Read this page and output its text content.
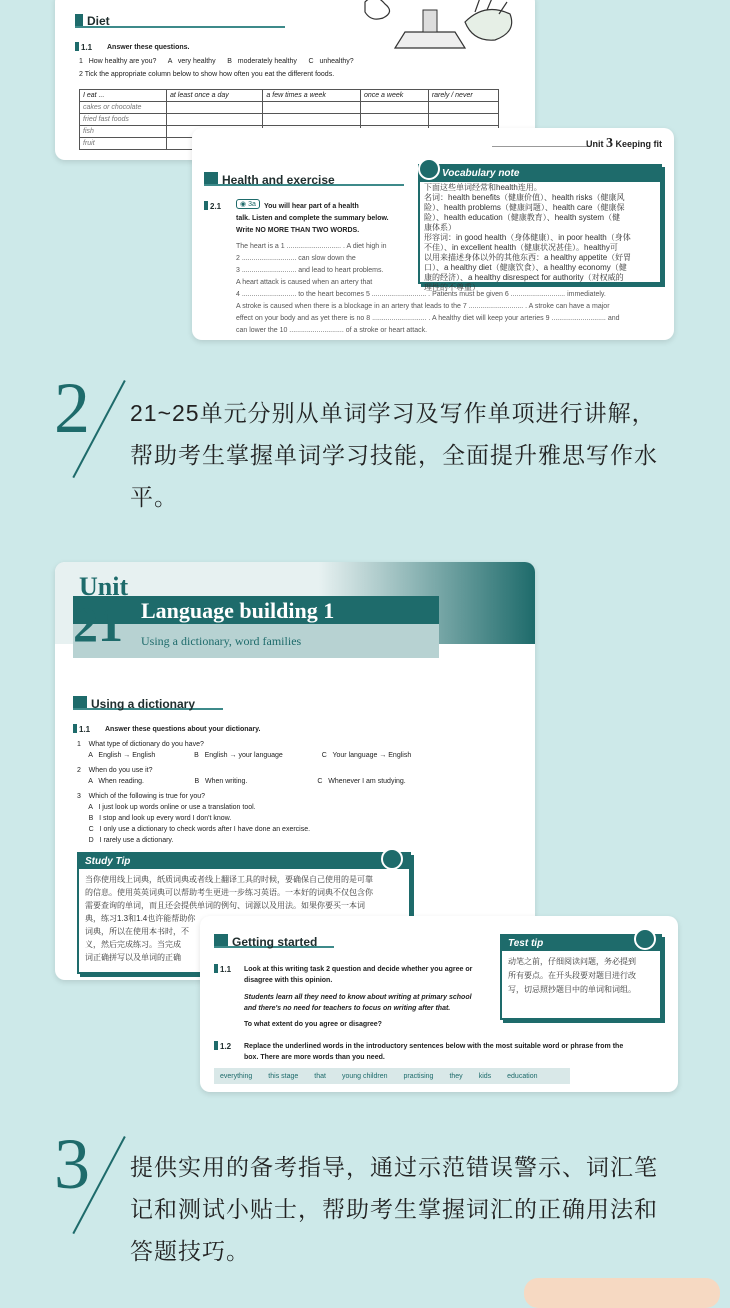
Diet
1.1 Answer these questions.
1   How healthy are you?      A   very healthy      B   moderately healthy      C   unhealthy?
2 Tick the appropriate column below to show how often you eat the different foods.
I eat ...	at least once a day	a few times a week	once a week	rarely / never
cakes or chocolate				
fried fast foods				
fish				
fruit					Unit 3 Keeping fit
Health and exercise
2.1	◉ 3a	You will hear part of a health
talk. Listen and complete the summary below.
Write NO MORE THAN TWO WORDS.
The heart is a 1 ............................ . A diet high in
2 ............................ can slow down the
3 ............................ and lead to heart problems.
A heart attack is caused when an artery that
4 ............................ to the heart becomes 5 ............................ . Patients must be given 6 ............................ immediately.
A stroke is caused when there is a blockage in an artery that leads to the 7 ............................ . A stroke can have a major
effect on your body and as yet there is no 8 ............................ . A healthy diet will keep your arteries 9 ............................ and
can lower the 10 ............................ of a stroke or heart attack.
Vocabulary note
下面这些单词经常和health连用。
名词：health benefits（健康价值）、health risks（健康风
险）、health problems（健康问题）、health care（健康保
险）、health education（健康教育）、health system（健
康体系）
形容词：in good health（身体健康）、in poor health（身体
不佳）、in excellent health（健康状况甚佳）。healthy可
以用来描述身体以外的其他东西：a healthy appetite（好胃
口）、a healthy diet（健康饮食）、a healthy economy（健
康的经济）、a healthy disrespect for authority（对权威的
理性的不尊重）
2 21~25单元分别从单词学习及写作单项进行讲解，帮助考生掌握单词学习技能，全面提升雅思写作水平。
Unit
21 Language building 1
Using a dictionary, word families
Using a dictionary
1.1 Answer these questions about your dictionary.
1    What type of dictionary do you have?
A   English → English                    B   English → your language                    C   Your language → English
2    When do you use it?
A   When reading.                          B   When writing.                                    C   Whenever I am studying.
3    Which of the following is true for you?
A   I just look up words online or use a translation tool.
B   I stop and look up every word I don't know.
C   I only use a dictionary to check words after I have done an exercise.
D   I rarely use a dictionary.
Study Tip
当你使用线上词典，纸质词典或者线上翻译工具的时候，要确保自己使用的是可靠
的信息。使用英英词典可以帮助考生更进一步练习英语。一本好的词典不仅包含你
需要查询的单词，而且还会提供单词的例句、词源以及用法。如果你要买一本词
典，练习1.3和1.4也许能帮助你
词典，所以在使用本书时，不
义，然后完成练习。当完成
词正确拼写以及单词的正确
Getting started
1.1 Look at this writing task 2 question and decide whether you agree or
disagree with this opinion.
Students learn all they need to know about writing at primary school
and there's no need for teachers to focus on writing after that.
To what extent do you agree or disagree?
1.2 Replace the underlined words in the introductory sentences below with the most suitable word or phrase from the
box. There are more words than you need.
everything this stage that young children practising they kids education
Test tip
动笔之前，仔细阅读问题，务必提到
所有要点。在开头段要对题目进行改
写，切忌照抄题目中的单词和词组。
3 提供实用的备考指导，通过示范错误警示、词汇笔记和测试小贴士，帮助考生掌握词汇的正确用法和答题技巧。
